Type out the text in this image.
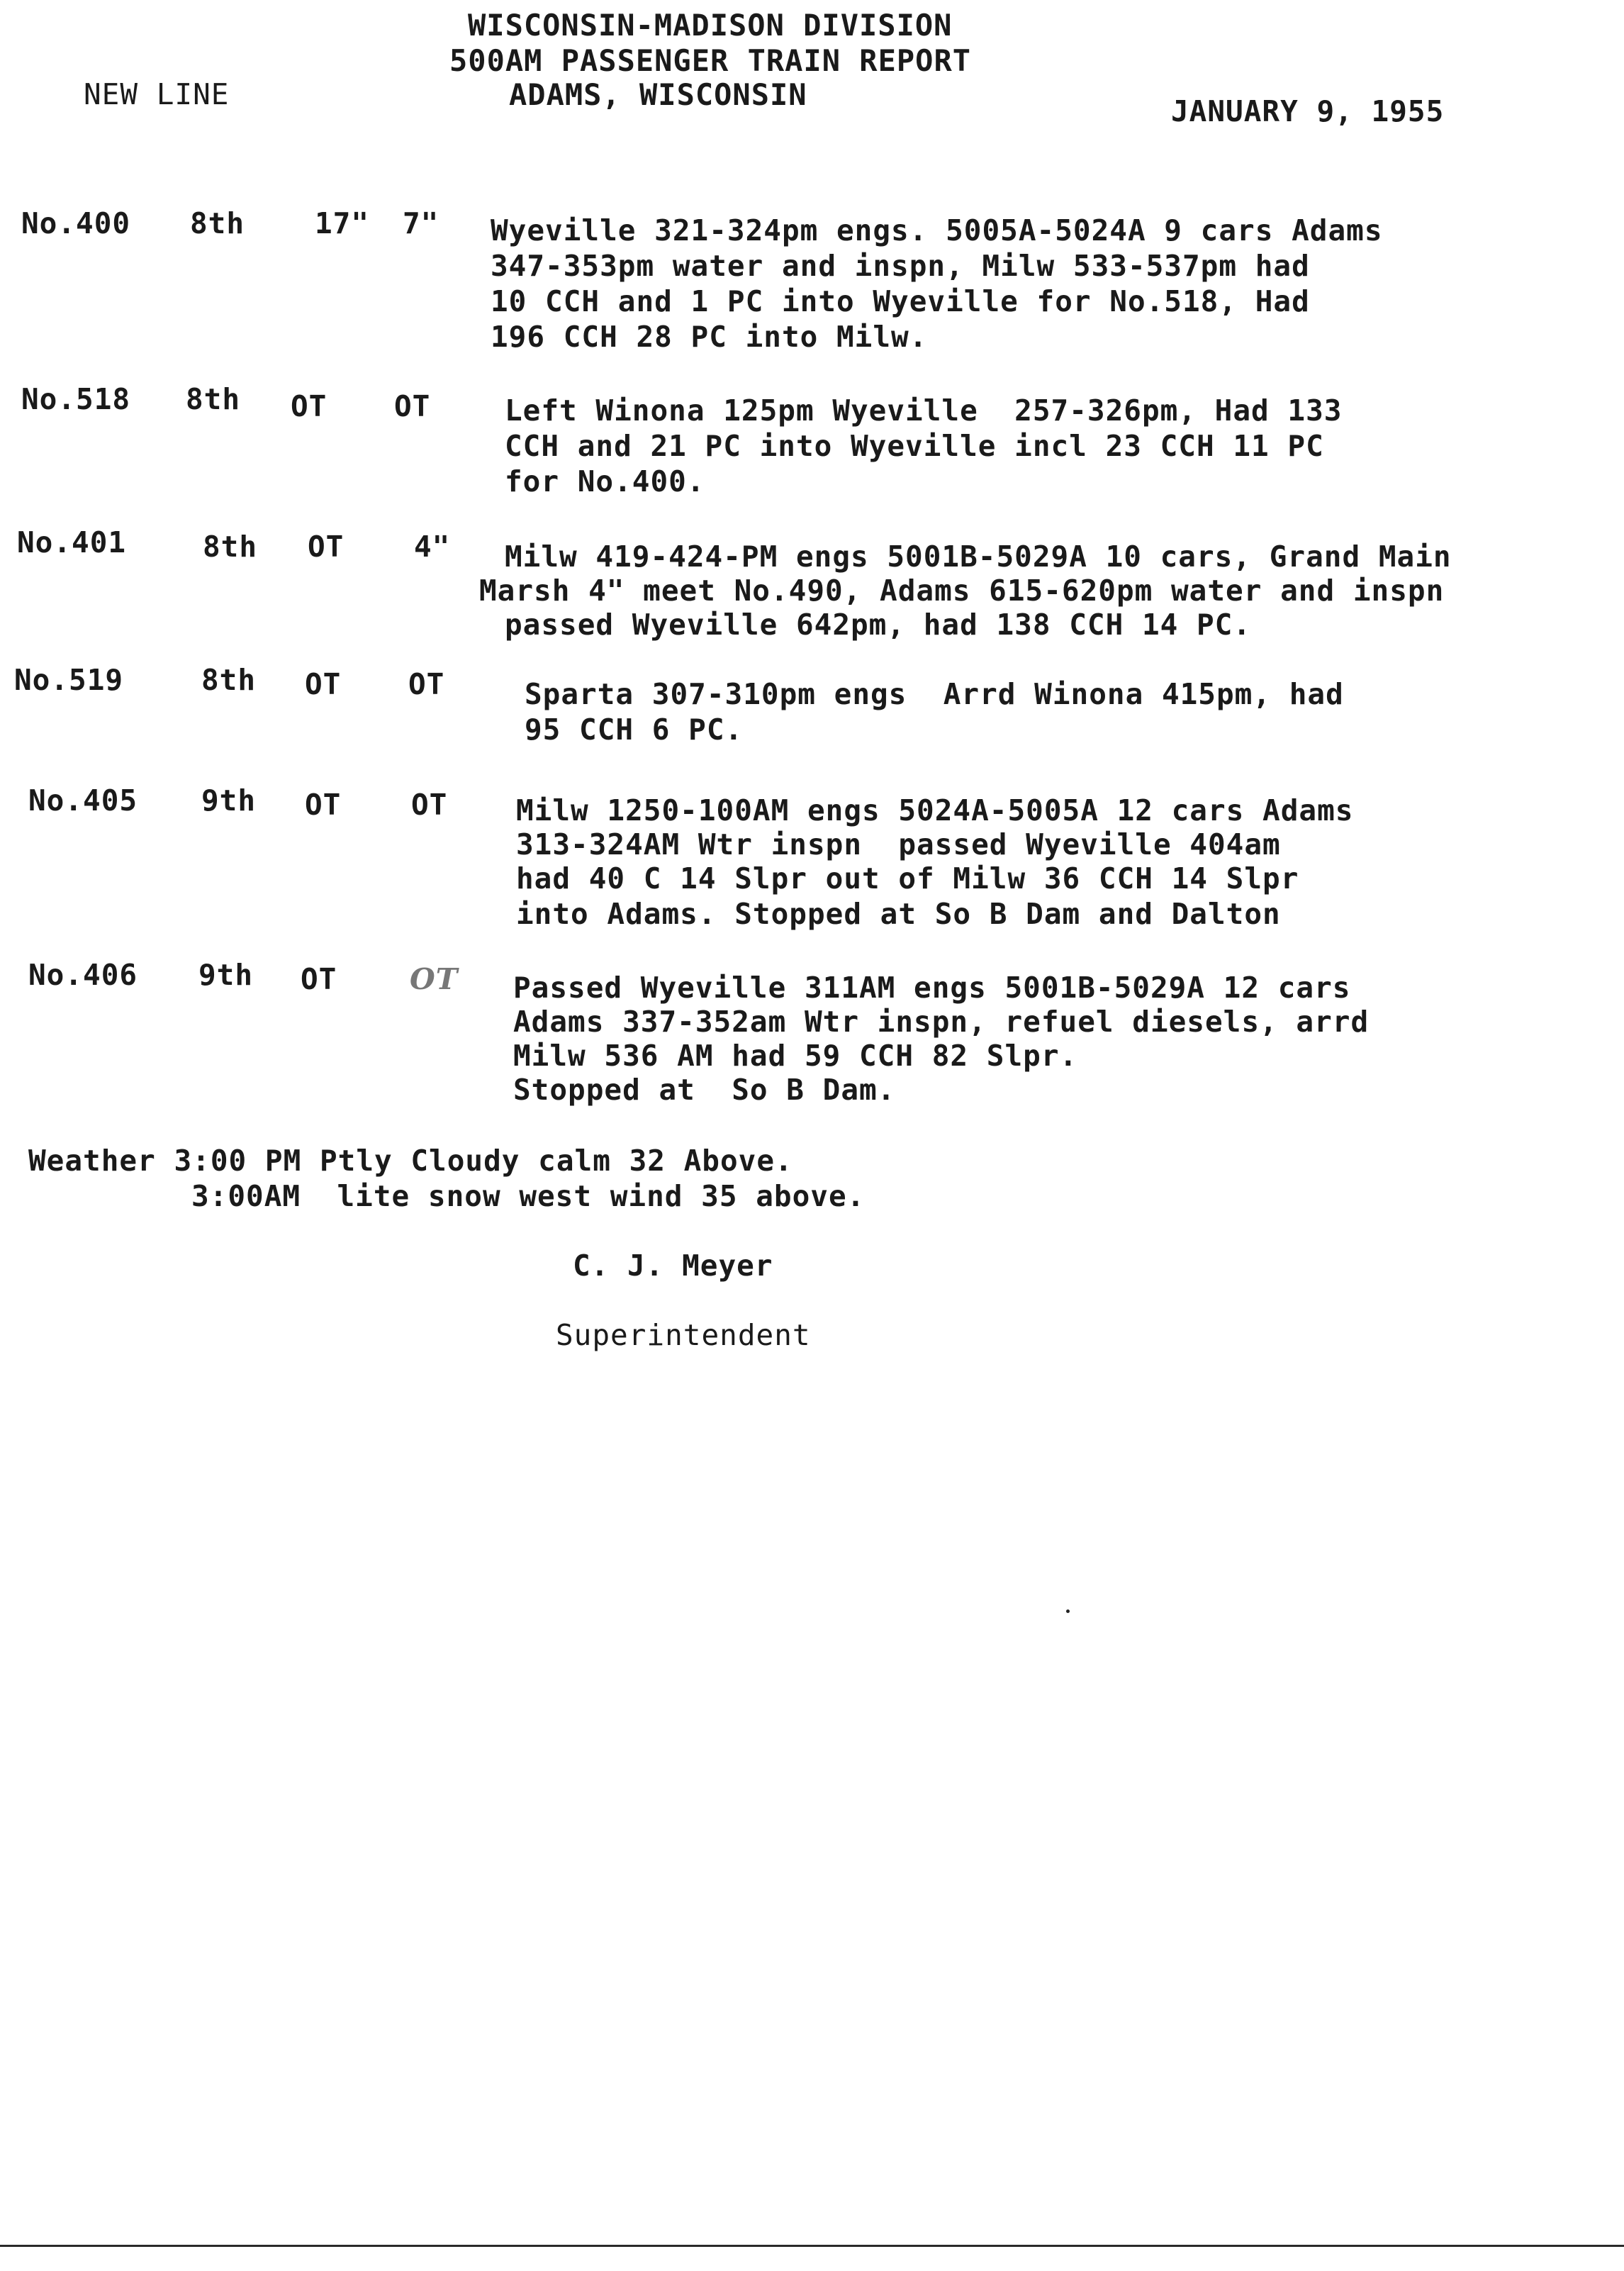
WISCONSIN-MADISON DIVISION
500AM PASSENGER TRAIN REPORT
ADAMS, WISCONSIN
NEW LINE	JANUARY 9, 1955
No.400 8th 17" 7" Wyeville 321-324pm engs. 5005A-5024A 9 cars Adams
347-353pm water and inspn, Milw 533-537pm had
10 CCH and 1 PC into Wyeville for No.518, Had
196 CCH 28 PC into Milw.
No.518 8th OT OT	Left Winona 125pm Wyeville  257-326pm, Had 133
CCH and 21 PC into Wyeville incl 23 CCH 11 PC
for No.400.
No.401	8th OT 4" Milw 419-424-PM engs 5001B-5029A 10 cars, Grand Main
Marsh 4" meet No.490, Adams 615-620pm water and inspn
passed Wyeville 642pm, had 138 CCH 14 PC.
No.519	8th OT OT	Sparta 307-310pm engs  Arrd Winona 415pm, had
95 CCH 6 PC.
No.405 9th OT OT Milw 1250-100AM engs 5024A-5005A 12 cars Adams
313-324AM Wtr inspn  passed Wyeville 404am
had 40 C 14 Slpr out of Milw 36 CCH 14 Slpr
into Adams. Stopped at So B Dam and Dalton
No.406 9th OT	OT Passed Wyeville 311AM engs 5001B-5029A 12 cars
Adams 337-352am Wtr inspn, refuel diesels, arrd
Milw 536 AM had 59 CCH 82 Slpr.
Stopped at  So B Dam.
Weather 3:00 PM Ptly Cloudy calm 32 Above.
3:00AM  lite snow west wind 35 above.
C. J. Meyer
Superintendent
